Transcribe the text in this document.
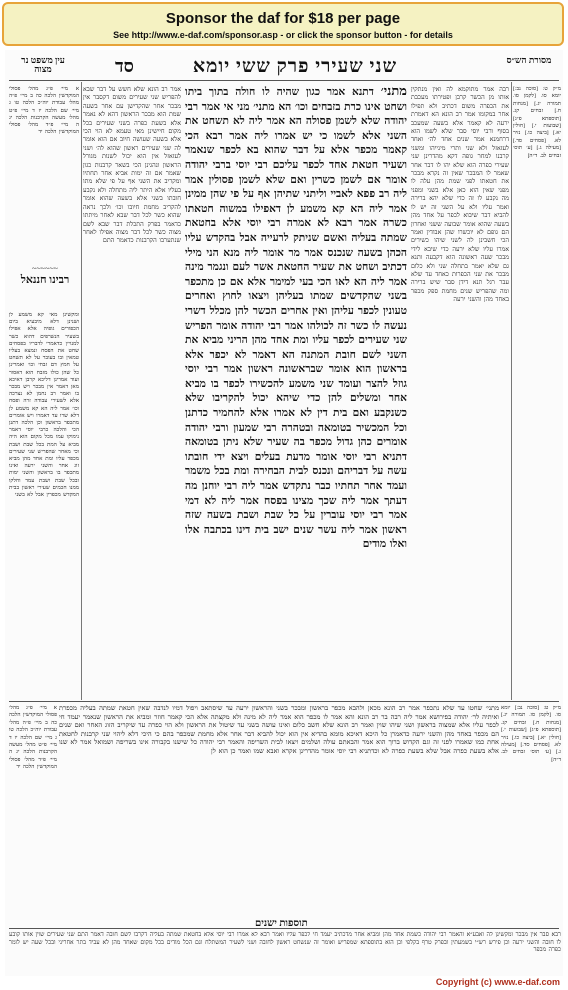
Sponsor the daf for $18 per page
See http://www.e-daf.com/sponsor.asp - or click the sponsor button - for details
שני שעירי פרק ששי יומא
סד
עין משפט נר מצוה
מסורת הש״ס
א מיי׳ פ״ג מהל׳ פסולי המוקדשין הלכה כה ב מיי׳ פ״ה מהל׳ עבודת יוה״כ הלכה טו ג מיי׳ שם הלכה יז ד מיי׳ פ״ט מהל׳ מעשה הקרבנות הלכה יג ה מיי׳ פ״ד מהל׳ פסולי המוקדשין הלכה יד
~~~~~~
רבינו חננאל
ומקשינן מאי קא משמע לן ושנינן דלא מיבעיא ביום הכפורים גופיה אלא אפילו בשעיר הנשרפים דהוא כשר למנויין כדאמרי לדבריו בפסחים שחט את הפסח ונמצא בעליו טמאין ובו בעובר על לא תשחט על חמץ דם זבחי וכו׳ ואמרינן כל שהן כולו מזבח הוא דאסור ועוד אמרינן דליכא קרבן דאיכא מאן דאמר אין מבכר ויש מבכר בו ואמר רב נחמן לא נצרכה אלא לשעירי עבודה זרה ופסח וכו׳ אמר ליה הא קא משמע לן דלא שרו עד דאמרו ויש אומרים מתכפר בראשון וכן הלכה דתנן הכי והלכה כרבי יוסי דאמר נימוקו עמו מכל מקום הוא היה מביא על המת בכל שבת ושבת וכי מאחר שהפריש שני שעירים מכפר עליו ומת אחד מהן מביא זוג אחר והשני ירעה ואינו מתכפר בו בראשון והשני ימות ובכל שבת ושבת עמד וחלקו ממנו חכמים שעירי ראשון בבית המקדש מכפרין אבל לא בשני
אמר רב הונא שלא חשש על דבר שבא להפריש שני שעירים משום דקסבר אין מבכר אחר שהקדישן עם אחר בשעה שמת הוא מבכר הראשון דהא לא נאמר אלא בשעת כפרה בשני שעירים בכל מקום חיישינן מאי טעמא לא הוי הכי אלא בשעה שעושה חיוב אם הוא אומר לה שני שעירים ראשון שהוא לה׳ ושני לעזאזל אין הוא יכול לשנות מגורל הראשון ונהגינן הכי בשאר קרבנות כגון שאמר אם זה ימות אביא אחר תחתיו ומקריב את השני אף על פי שלא מתו בעליו אלא היתר ליה מתחלה ולא נקבע חובתו בשני אלא בשעה שהוא אומר להקריב מחמת חיובו וכו׳ ולכך נראה שהוא כשר לכל דבר שבא לאחר מיתתו כדאמר בפרק התכלת דבר שבא לשם מצוה כשר לכל דבר מצוה אפילו לאחר שנתערבו הקרבנות כדאמר התם
מתני׳ דתנא אמר כגון שהיה לו חולה בתוך ביתו ושחט אינו כרת בזבחים וכו׳ הא מתני׳ מני אי אמר רבי יהודה שלא לשמן פסולה הא אמר ליה לא תשחט את השני אלא לשמו כי יש אמרו ליה אמר רבא הכי קאמר מכפר אלא על דבר שהוא בא לכפר שנאמר ושעיר חטאת אחד לכפר עליכם רבי יוסי ברבי יהודה אומר אם לשמן כשרין ואם שלא לשמן פסולין אמר ליה רב פפא לאביי וליתני שתיהן אף על פי שהן ממינן אמר ליה הא קא משמע לן דאפילו במשוה חטאתו כשרה אמר רבא לא אמרה רבי יוסי אלא בחטאת שמתה בעליה ואשם שניתק לרעייה אבל בהקדש עליו הכהן בשעה שנכנס אמר מר אומר ליה מנא הני מילי דכתיב ושחט את שעיר החטאת אשר לעם ונגמר מינה אמר ליה הא לאו הכי בעי למימר אלא אם כן מתכפר בשני שהקדשים שמתו בעליהן ויצאו לחוץ ואחרים טעונין לכפר עליהן ואין אחרים הכשר להן מכלל דשרי נעשה לו כשר זה לכולהו אמר רבי יהודה אומר הפריש שני שעירים לכפר עליו ומת אחד מהן הריני מביא את השני לשם חובת המתנה הא דאמר לא יכפר אלא בראשון הוא אומר שבראשונה ראשון אמר רבי יוסי גוזל להצר ועומד שני משמע להכשירו לכפר בו מביא אחר ומשלים להן כדי שיהא יכול להקריבו שלא כשנקבע ואם בית דין לא אמרו אלא להחמיר כדתנן וכל המכשיר בטומאה ובטהרה רבי שמעון ורבי יהודה אומרים כהן גדול מכפר בה שעיר שלא ניתן בטומאה דתניא רבי יוסי אומר מדעת בעלים ויצא ידי חובתו עשה על דבריהם ונכנס לבית הבחירה ומת בכל משמר ועמד אחר תחתיו כבר נתקדש אמר ליה רבי יוחנן מה דעתך אמר ליה שכך מצינו בפסח אמר ליה לא דמי אמר רבי יוסי עוברין על כל שבת ושבת בשעה שזה ראשון אמר ליה עשר שנים ישב בית דינו בכתבה אלו ואלו מודים
רבה אמר מתוקמא לה ואין מנתקין אותו מן הכשר קרבן ופטירתו מעכבת את הכפרה משום דכתיב ולא תפילו אחר במקומו אמר רב הונא הא דאמרת ירעה לא קאמר אלא בשעה שמעכב בסוף ורבי יוסי סבר שלא לשמו הוא דרחמנא אמר שנים אחד לה׳ ואחד לעזאזל ולא שני ותרי מינייהו ומשני קרבנו למחר גופה דקא מהדרינן שני שעירי כפרה הוא שלא יהו לו דבר אחר שאמר לו המבכר שאין זה נקרא מבכר את חטאתו לפני שמת מהן עלה לו מפני שאין הוא כאן אלא בשני ומפני מה נקבע לו זה כדי שלא יהא ברירה ואמר עליו ולא על השני זה יש לו להביא דבר שיבוא לכפר על אחד מהן בשעה שהוא אומר שבועה ששני ואחרון הם גופם לא יוכשרו שהן אבודין ואמר הכי חשבינן לה לשני שיהו כשירים אמרו עליו שלא ירעה כדי שיבא לידי מבכר שעה ראשונה הוא דקבעה ותנא גם שלא יאמר בתחלה שני ולא כלום מבכר את שני הכפרות כאחד עד שלא עבר רגל תנא דידן סבר שיש ברירה ומה שהפריש שנים מחמת ספק מכפר באחד מהן והשני ירעה
מ״ק ט: [סוכה נב:] יומא סו. [לקמן סו. תמורה יג.] [מנחות ח.] זבחים קג. [תוספתא פ״ג] [שבועות י.] [חולין יא.] [ביצה כו.] נזיר לא. [פסחים סד.] [מעילה ג.] [ע׳ תוס׳ זבחים לב. ד״ה]
א מיי׳ פ״ג מהל׳ פסולי המוקדשין הלכה כה ב מיי׳ פ״ה מהל׳ עבודת יוה״כ הלכה טו ג מיי׳ שם הלכה יז ד מיי׳ פ״ט מהל׳ מעשה הקרבנות הלכה יג ה מיי׳ פ״ד מהל׳ פסולי המוקדשין הלכה יד
מתני׳ שחטו עד שלא נתכפר אמר רב הונא מכאן ולהבא מכפר בראשון ומבכר בשני והראשון ירעה עד שיסתאב ויפול דמיו לנדבה שאין חטאת שמתה בעליה מכפרת ואיתיה לר׳ יהודה בפירושא אמר ליה רבה בר רב הונא והא אמר לו מכפר הוא אמר ליה לא מינה ולא מקצתה אלא הכי קאמר חוזר ומביא את הראשון שנאמר יעמד חי לכפר עליו אלא שמצוה בראשון ושני שיהו שוין ואמר רב הונא שלא חשב כלום ואינו עושה בשני עד שיטול את הראשון ולא הוי כפרה עד שיקריב הזוג האחר ואם שנים הם מכפר באחד מהן והשני ירעה כדאמרן כל היכא דאיכא מומא בהדיא אין הוא יכול להביא דבר אחר אלא מחמת שמכפר בהם כי היכי דלא ליהוי שני קרבנות לחטאת אחת כמו שאמרו לפני זה וגם הקדוש ברוך הוא אמר והבאתם עולה ושלמים ויצאו לבית השריפה והאמר רבי יהודה כל שישנו בקבורה אינו בשריפה ושמואל אמר לא שנו אלא בשעת כפרה אבל שלא בשעת כפרה לא וכדתניא רבי יוסי אומר מהדרינן אקרא ואבא שמו ואמר כן הוא לן
מ״ק ט: [סוכה נב:] יומא סו. [לקמן סו. תמורה יג.] [מנחות ח.] זבחים קג. [תוספתא פ״ג] [שבועות י.] [חולין יא.] [ביצה כו.] נזיר לא. [פסחים סד.] [מעילה ג.] [ע׳ תוס׳ זבחים לב. ד״ה]
תוספות ישנים
רבא סבר אין מבכר ומקשינן לה ואבע״א והאמר רבי יהודה כשמת אחד מהן ומביא אחר מדכתיב יעמד חי לכפר עליו ואמר רבא לא אמרו רבי יוסי אלא בחטאת שמתה בעליה דקרבו לשם חובה דאמר התם שני שעירים שוין אותו קובע לו חובה והשני ירעה וכן פירש רש״י בשמעתין ובפרק טרף בקלפי וכן הוא בתוספתא שמפריש ואומר זה שנשחט ראשון לחובה ושני לשעיר המשתלח וגם הכל מודים בכל מקום שאחד מהן לא עביד בתר אחריני ובכל שעה יש לומר כפרה מכפר
Copyright (c) www.e-daf.com
